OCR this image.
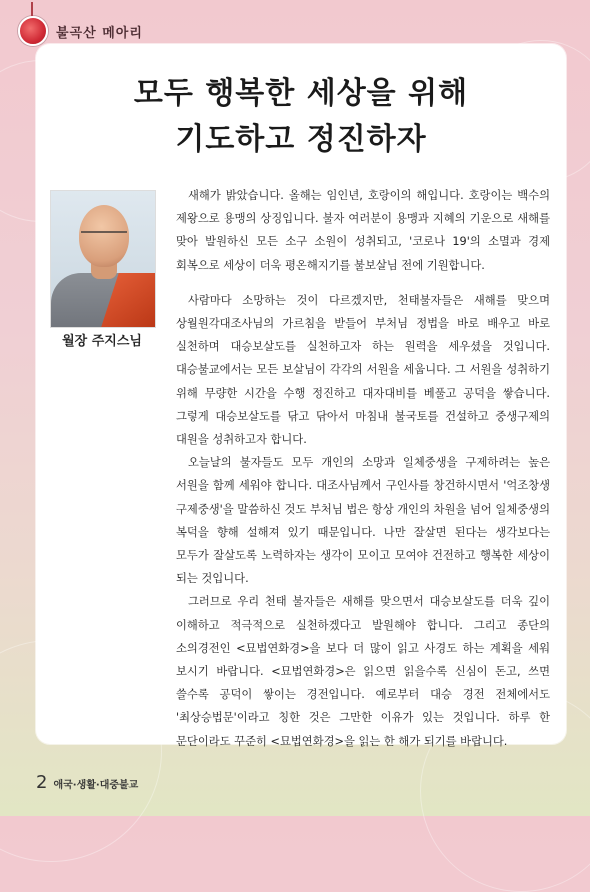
불곡산 메아리
모두 행복한 세상을 위해
기도하고 정진하자
월장 주지스님

새해가 밝았습니다. 올해는 임인년, 호랑이의 해입니다. 호랑이는 백수의 제왕으로 용맹의 상징입니다. 불자 여러분이 용맹과 지혜의 기운으로 새해를 맞아 발원하신 모든 소구 소원이 성취되고, '코로나 19'의 소멸과 경제 회복으로 세상이 더욱 평온해지기를 불보살님 전에 기원합니다.

사람마다 소망하는 것이 다르겠지만, 천태불자들은 새해를 맞으며 상월원각대조사님의 가르침을 받들어 부처님 정법을 바로 배우고 바로 실천하며 대승보살도를 실천하고자 하는 원력을 세우셨을 것입니다. 대승불교에서는 모든 보살님이 각각의 서원을 세웁니다. 그 서원을 성취하기 위해 무량한 시간을 수행 정진하고 대자대비를 베풀고 공덕을 쌓습니다. 그렇게 대승보살도를 닦고 닦아서 마침내 불국토를 건설하고 중생구제의 대원을 성취하고자 합니다.

오늘날의 불자들도 모두 개인의 소망과 일체중생을 구제하려는 높은 서원을 함께 세워야 합니다. 대조사님께서 구인사를 창건하시면서 '억조창생 구제중생'을 말씀하신 것도 부처님 법은 항상 개인의 차원을 넘어 일체중생의 복덕을 향해 설해져 있기 때문입니다. 나만 잘살면 된다는 생각보다는 모두가 잘살도록 노력하자는 생각이 모이고 모여야 건전하고 행복한 세상이 되는 것입니다.

그러므로 우리 천태 불자들은 새해를 맞으면서 대승보살도를 더욱 깊이 이해하고 적극적으로 실천하겠다고 발원해야 합니다. 그리고 종단의 소의경전인 <묘법연화경>을 보다 더 많이 읽고 사경도 하는 계획을 세워 보시기 바랍니다. <묘법연화경>은 읽으면 읽을수록 신심이 돈고, 쓰면 쓸수록 공덕이 쌓이는 경전입니다. 예로부터 대승 경전 전체에서도 '최상승법문'이라고 칭한 것은 그만한 이유가 있는 것입니다. 하루 한 문단이라도 꾸준히 <묘법연화경>을 읽는 한 해가 되기를 바랍니다.

2 애국·생활·대중불교
